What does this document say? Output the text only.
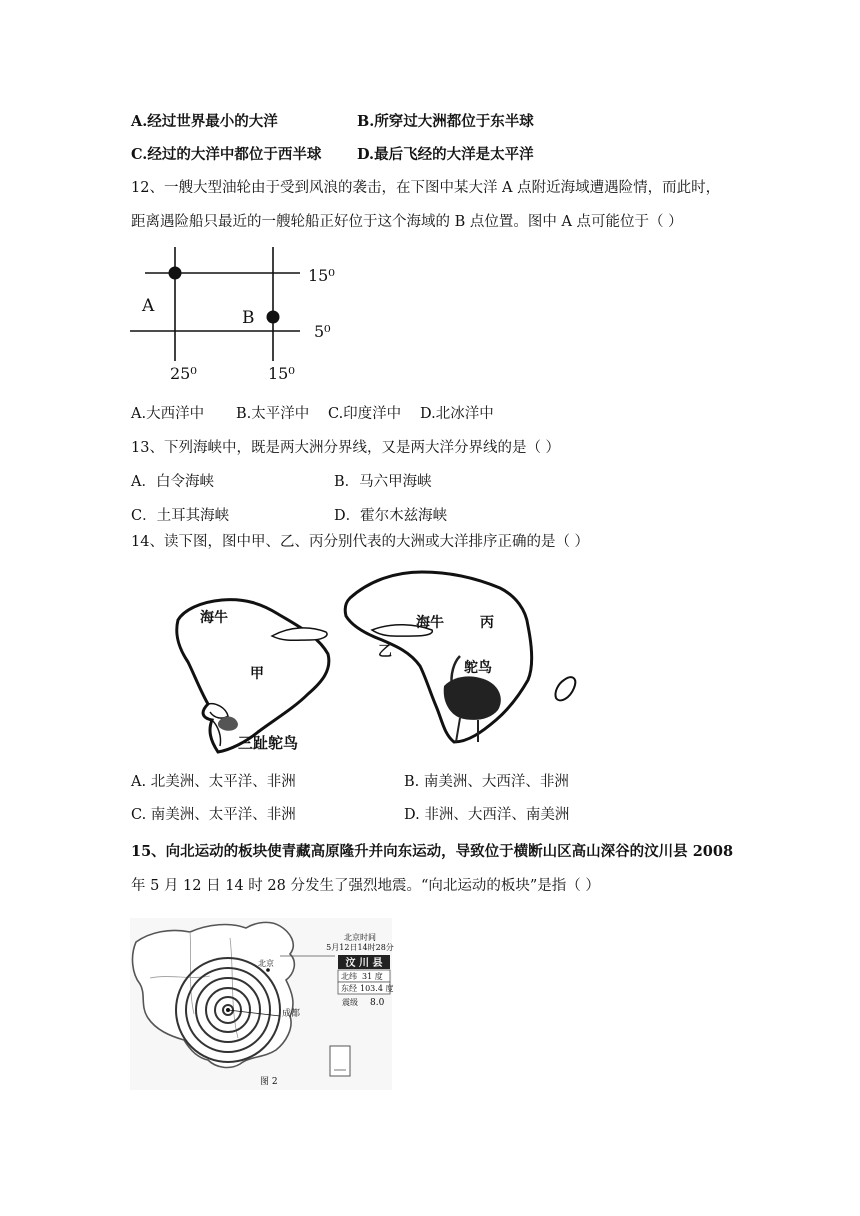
A.经过世界最小的大洋	B.所穿过大洲都位于东半球
C.经过的大洋中都位于西半球 D.最后飞经的大洋是太平洋
12、一艘大型油轮由于受到风浪的袭击，在下图中某大洋 A 点附近海域遭遇险情，而此时，
距离遇险船只最近的一艘轮船正好位于这个海域的 B 点位置。图中 A 点可能位于（ ）
15⁰
5⁰
25⁰	15⁰
A
B
A.大西洋中 B.太平洋中 C.印度洋中 D.北冰洋中
13、下列海峡中，既是两大洲分界线，又是两大洋分界线的是（ ）
A．白令海峡	B．马六甲海峡
C．土耳其海峡	D．霍尔木兹海峡
14、读下图，图中甲、乙、丙分别代表的大洲或大洋排序正确的是（ ）
海牛
甲
三趾鸵鸟
海牛	丙
乙
鸵鸟
A. 北美洲、太平洋、非洲	B. 南美洲、大西洋、非洲
C. 南美洲、太平洋、非洲	D. 非洲、大西洋、南美洲
15、向北运动的板块使青藏高原隆升并向东运动，导致位于横断山区高山深谷的汶川县 2008
年 5 月 12 日 14 时 28 分发生了强烈地震。“向北运动的板块”是指（ ）
北京
成都
北京时间
5月12日14时28分
汶 川 县
北纬 31 度
东经 103.4 度
震级 8.0
图 2
